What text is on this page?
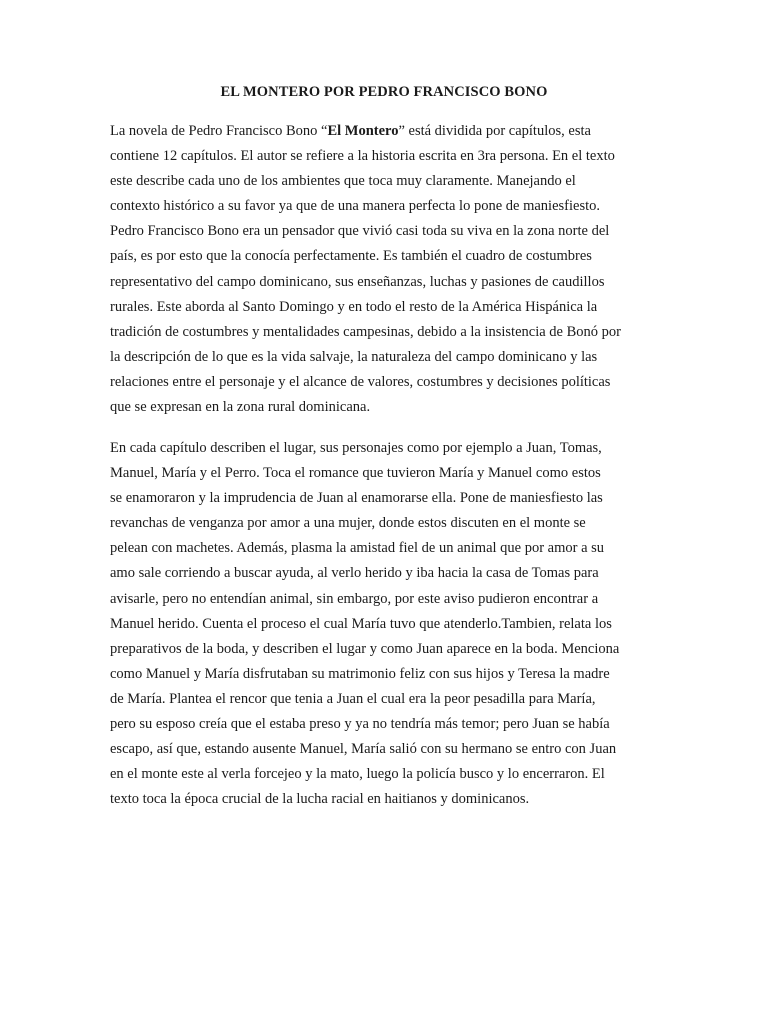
EL MONTERO POR PEDRO FRANCISCO BONO
La novela de Pedro Francisco Bono “El Montero” está dividida por capítulos, esta
contiene 12 capítulos. El autor se refiere a la historia escrita en 3ra persona. En el texto
este describe cada uno de los ambientes que toca muy claramente. Manejando el
contexto histórico a su favor ya que de una manera perfecta lo pone de maniesfiesto.
Pedro Francisco Bono era un pensador que vivió casi toda su viva en la zona norte del
país, es por esto que la conocía perfectamente. Es también el cuadro de costumbres
representativo del campo dominicano, sus enseñanzas, luchas y pasiones de caudillos
rurales. Este aborda al Santo Domingo y en todo el resto de la América Hispánica la
tradición de costumbres y mentalidades campesinas, debido a la insistencia de Bonó por
la descripción de lo que es la vida salvaje, la naturaleza del campo dominicano y las
relaciones entre el personaje y el alcance de valores, costumbres y decisiones políticas
que se expresan en la zona rural dominicana.
En cada capítulo describen el lugar, sus personajes como por ejemplo a Juan, Tomas,
Manuel, María y el Perro. Toca el romance que tuvieron María y Manuel como estos
se enamoraron y la imprudencia de Juan al enamorarse ella. Pone de maniesfiesto las
revanchas de venganza por amor a una mujer, donde estos discuten en el monte se
pelean con machetes. Además, plasma la amistad fiel de un animal que por amor a su
amo sale corriendo a buscar ayuda, al verlo herido y iba hacia la casa de Tomas para
avisarle, pero no entendían animal, sin embargo, por este aviso pudieron encontrar a
Manuel herido. Cuenta el proceso el cual María tuvo que atenderlo.Tambien, relata los
preparativos de la boda, y describen el lugar y como Juan aparece en la boda. Menciona
como Manuel y María disfrutaban su matrimonio feliz con sus hijos y Teresa la madre
de María. Plantea el rencor que tenia a Juan el cual era la peor pesadilla para María,
pero su esposo creía que el estaba preso y ya no tendría más temor; pero Juan se había
escapo, así que, estando ausente Manuel, María salió con su hermano se entro con Juan
en el monte este al verla forcejeo y la mato, luego la policía busco y lo encerraron. El
texto toca la época crucial de la lucha racial en haitianos y dominicanos.
